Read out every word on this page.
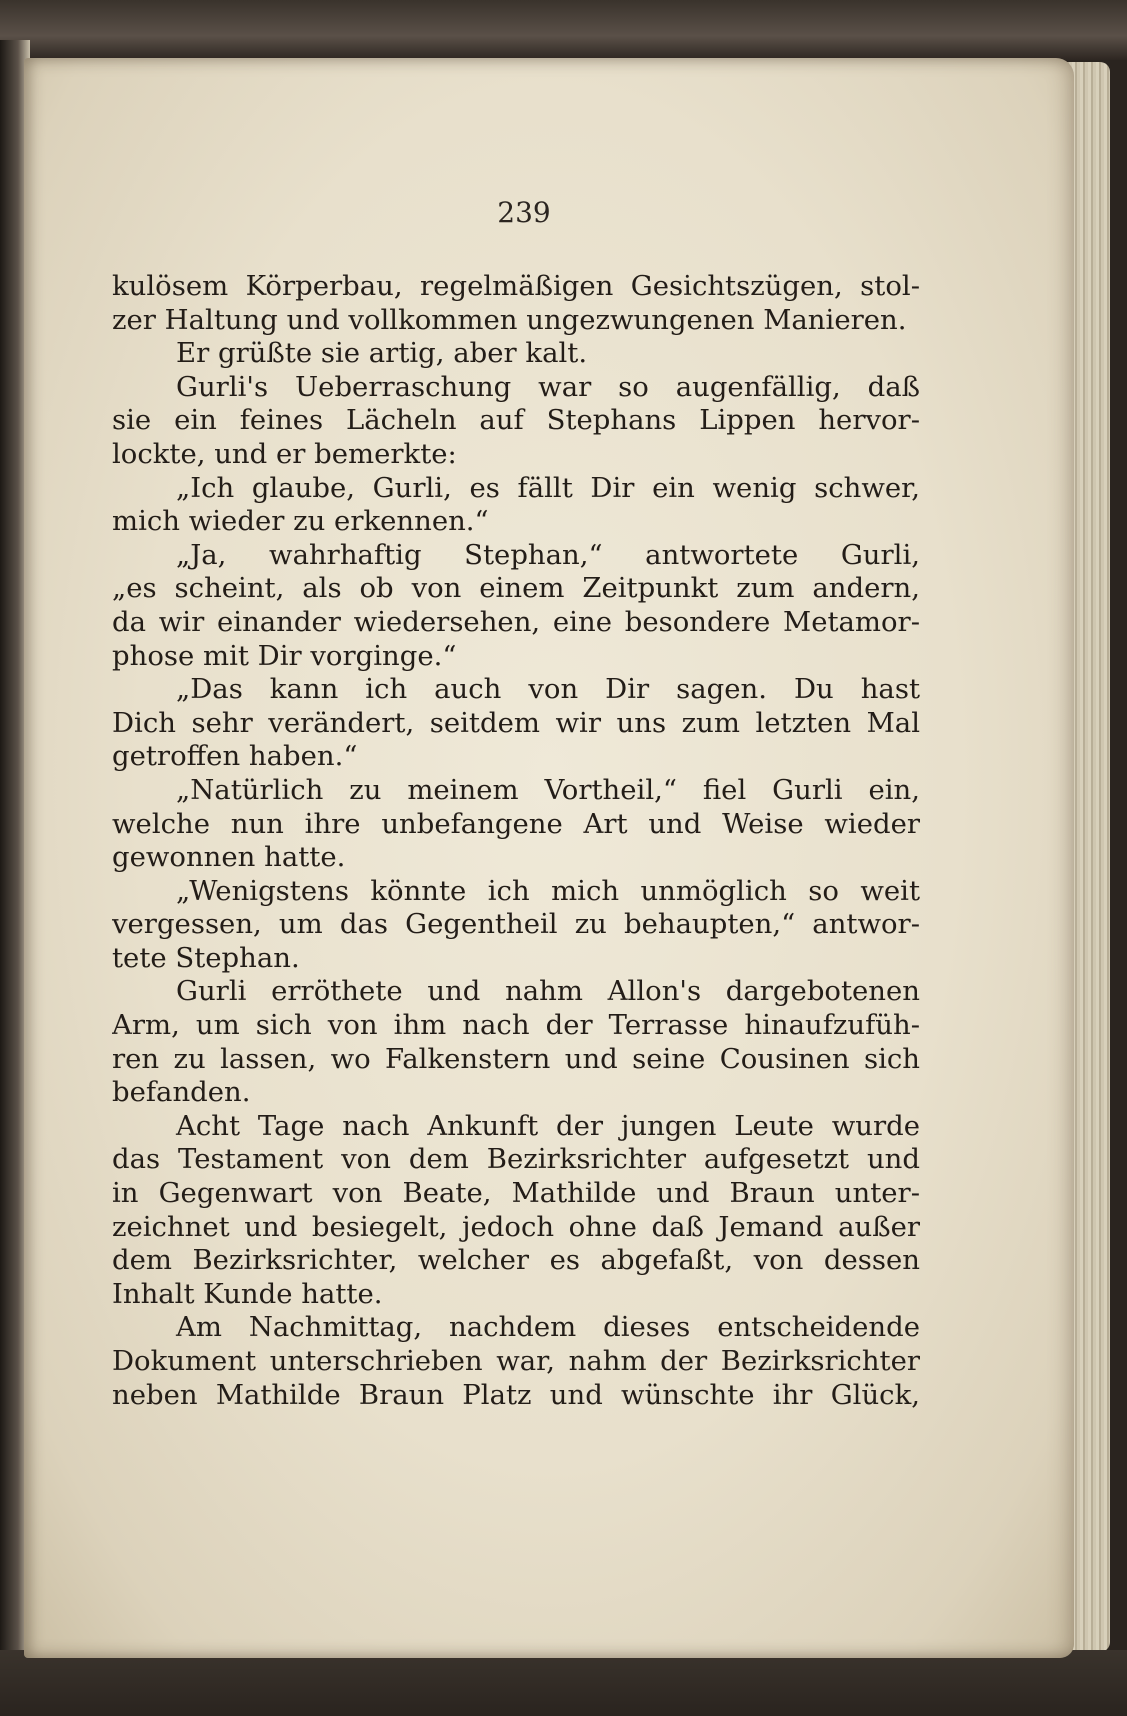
239
kulösem Körperbau, regelmäßigen Gesichtszügen, stol-
zer Haltung und vollkommen ungezwungenen Manieren.
Er grüßte sie artig, aber kalt.
Gurli's Ueberraschung war so augenfällig, daß
sie ein feines Lächeln auf Stephans Lippen hervor-
lockte, und er bemerkte:
„Ich glaube, Gurli, es fällt Dir ein wenig schwer,
mich wieder zu erkennen.“
„Ja, wahrhaftig Stephan,“ antwortete Gurli,
„es scheint, als ob von einem Zeitpunkt zum andern,
da wir einander wiedersehen, eine besondere Metamor-
phose mit Dir vorginge.“
„Das kann ich auch von Dir sagen. Du hast
Dich sehr verändert, seitdem wir uns zum letzten Mal
getroffen haben.“
„Natürlich zu meinem Vortheil,“ fiel Gurli ein,
welche nun ihre unbefangene Art und Weise wieder
gewonnen hatte.
„Wenigstens könnte ich mich unmöglich so weit
vergessen, um das Gegentheil zu behaupten,“ antwor-
tete Stephan.
Gurli erröthete und nahm Allon's dargebotenen
Arm, um sich von ihm nach der Terrasse hinaufzufüh-
ren zu lassen, wo Falkenstern und seine Cousinen sich
befanden.
Acht Tage nach Ankunft der jungen Leute wurde
das Testament von dem Bezirksrichter aufgesetzt und
in Gegenwart von Beate, Mathilde und Braun unter-
zeichnet und besiegelt, jedoch ohne daß Jemand außer
dem Bezirksrichter, welcher es abgefaßt, von dessen
Inhalt Kunde hatte.
Am Nachmittag, nachdem dieses entscheidende
Dokument unterschrieben war, nahm der Bezirksrichter
neben Mathilde Braun Platz und wünschte ihr Glück,
